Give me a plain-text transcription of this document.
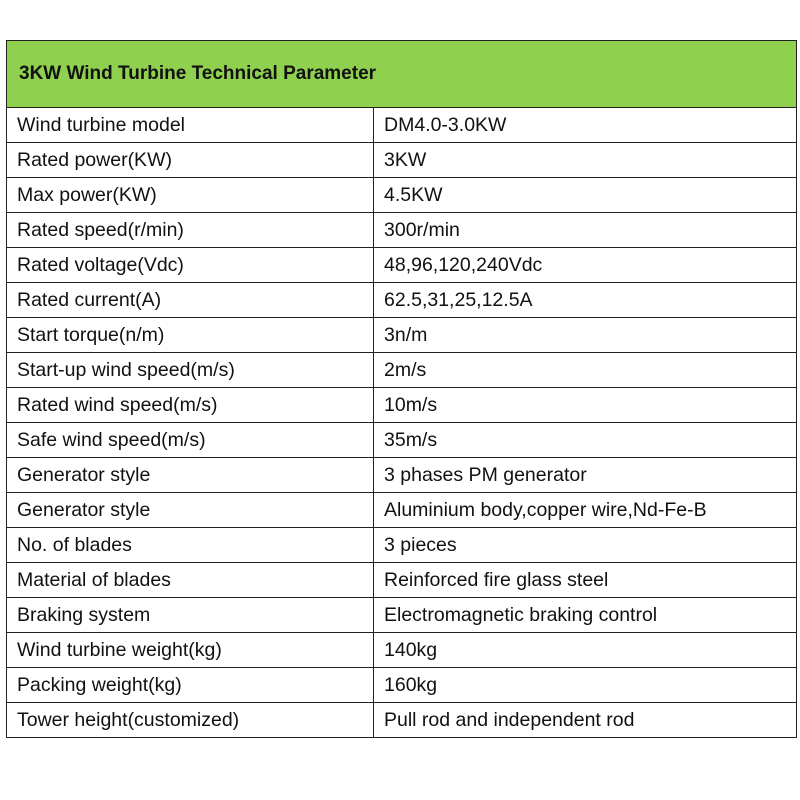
3KW Wind Turbine Technical Parameter	
Wind turbine model	DM4.0-3.0KW
Rated power(KW)	3KW
Max power(KW)	4.5KW
Rated speed(r/min)	300r/min
Rated voltage(Vdc)	48,96,120,240Vdc
Rated current(A)	62.5,31,25,12.5A
Start torque(n/m)	3n/m
Start-up wind speed(m/s)	2m/s
Rated wind speed(m/s)	10m/s
Safe wind speed(m/s)	35m/s
Generator style	3 phases PM generator
Generator style	Aluminium body,copper wire,Nd-Fe-B
No. of blades	3 pieces
Material of blades	Reinforced fire glass steel
Braking system	Electromagnetic braking control
Wind turbine weight(kg)	140kg
Packing weight(kg)	160kg
Tower height(customized)	Pull rod and independent rod
